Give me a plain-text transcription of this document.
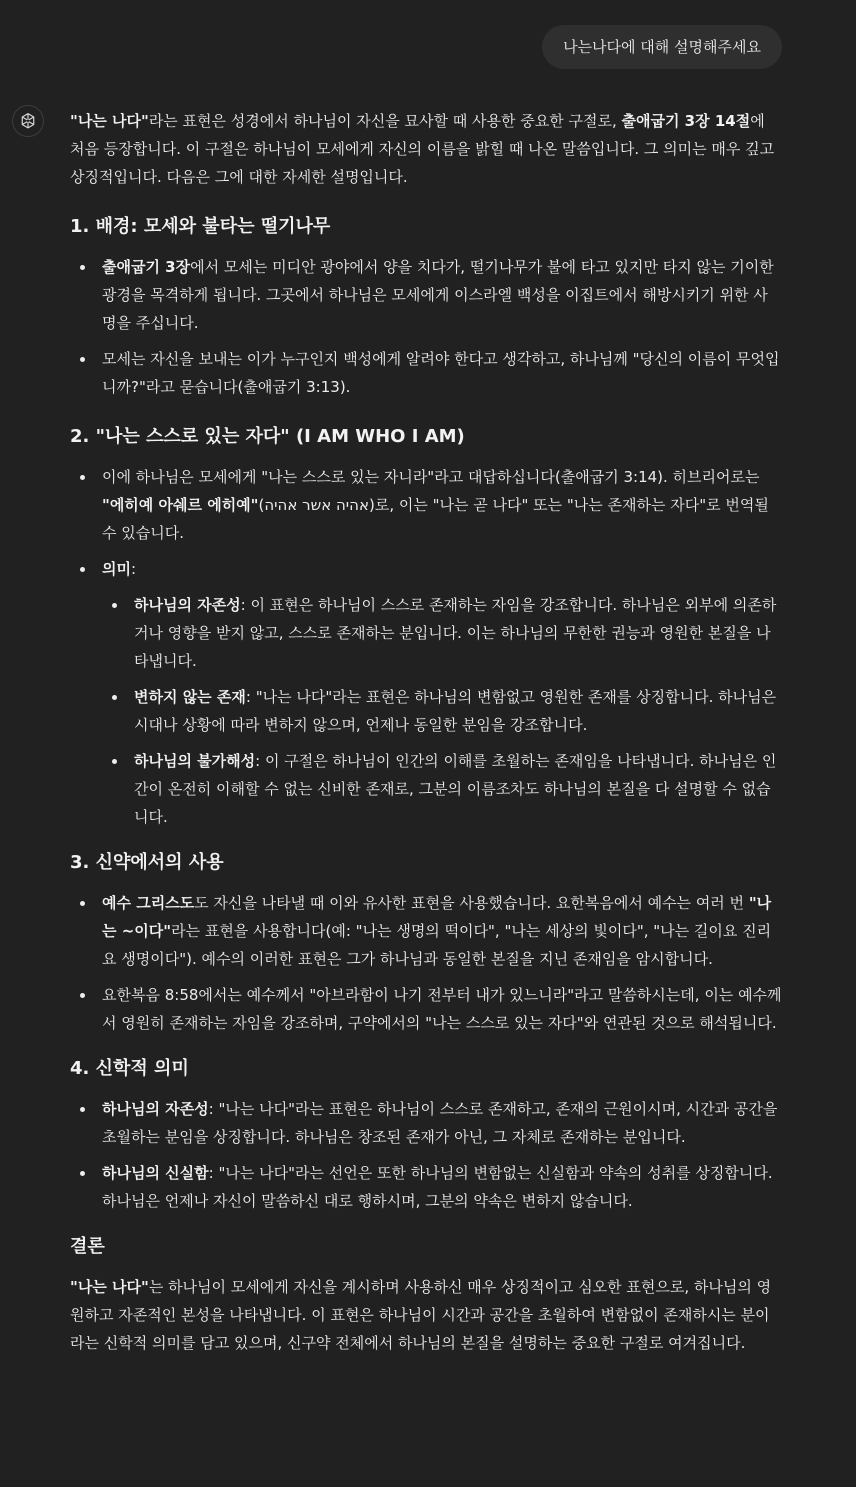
나는나다에 대해 설명해주세요

"나는 나다"라는 표현은 성경에서 하나님이 자신을 묘사할 때 사용한 중요한 구절로, 출애굽기 3장 14절에 처음 등장합니다. 이 구절은 하나님이 모세에게 자신의 이름을 밝힐 때 나온 말씀입니다. 그 의미는 매우 깊고 상징적입니다. 다음은 그에 대한 자세한 설명입니다.

1. 배경: 모세와 불타는 떨기나무
출애굽기 3장에서 모세는 미디안 광야에서 양을 치다가, 떨기나무가 불에 타고 있지만 타지 않는 기이한 광경을 목격하게 됩니다. 그곳에서 하나님은 모세에게 이스라엘 백성을 이집트에서 해방시키기 위한 사명을 주십니다.
모세는 자신을 보내는 이가 누구인지 백성에게 알려야 한다고 생각하고, 하나님께 "당신의 이름이 무엇입니까?"라고 묻습니다(출애굽기 3:13).
2. "나는 스스로 있는 자다" (I AM WHO I AM)
이에 하나님은 모세에게 "나는 스스로 있는 자니라"라고 대답하십니다(출애굽기 3:14). 히브리어로는 "에히예 아쉐르 에히예"(אהיה אשר אהיה)로, 이는 "나는 곧 나다" 또는 "나는 존재하는 자다"로 번역될 수 있습니다.
의미:
하나님의 자존성: 이 표현은 하나님이 스스로 존재하는 자임을 강조합니다. 하나님은 외부에 의존하거나 영향을 받지 않고, 스스로 존재하는 분입니다. 이는 하나님의 무한한 권능과 영원한 본질을 나타냅니다.
변하지 않는 존재: "나는 나다"라는 표현은 하나님의 변함없고 영원한 존재를 상징합니다. 하나님은 시대나 상황에 따라 변하지 않으며, 언제나 동일한 분임을 강조합니다.
하나님의 불가해성: 이 구절은 하나님이 인간의 이해를 초월하는 존재임을 나타냅니다. 하나님은 인간이 온전히 이해할 수 없는 신비한 존재로, 그분의 이름조차도 하나님의 본질을 다 설명할 수 없습니다.
3. 신약에서의 사용
예수 그리스도도 자신을 나타낼 때 이와 유사한 표현을 사용했습니다. 요한복음에서 예수는 여러 번 "나는 ~이다"라는 표현을 사용합니다(예: "나는 생명의 떡이다", "나는 세상의 빛이다", "나는 길이요 진리요 생명이다"). 예수의 이러한 표현은 그가 하나님과 동일한 본질을 지닌 존재임을 암시합니다.
요한복음 8:58에서는 예수께서 "아브라함이 나기 전부터 내가 있느니라"라고 말씀하시는데, 이는 예수께서 영원히 존재하는 자임을 강조하며, 구약에서의 "나는 스스로 있는 자다"와 연관된 것으로 해석됩니다.
4. 신학적 의미
하나님의 자존성: "나는 나다"라는 표현은 하나님이 스스로 존재하고, 존재의 근원이시며, 시간과 공간을 초월하는 분임을 상징합니다. 하나님은 창조된 존재가 아닌, 그 자체로 존재하는 분입니다.
하나님의 신실함: "나는 나다"라는 선언은 또한 하나님의 변함없는 신실함과 약속의 성취를 상징합니다. 하나님은 언제나 자신이 말씀하신 대로 행하시며, 그분의 약속은 변하지 않습니다.
결론

"나는 나다"는 하나님이 모세에게 자신을 계시하며 사용하신 매우 상징적이고 심오한 표현으로, 하나님의 영원하고 자존적인 본성을 나타냅니다. 이 표현은 하나님이 시간과 공간을 초월하여 변함없이 존재하시는 분이라는 신학적 의미를 담고 있으며, 신구약 전체에서 하나님의 본질을 설명하는 중요한 구절로 여겨집니다.
